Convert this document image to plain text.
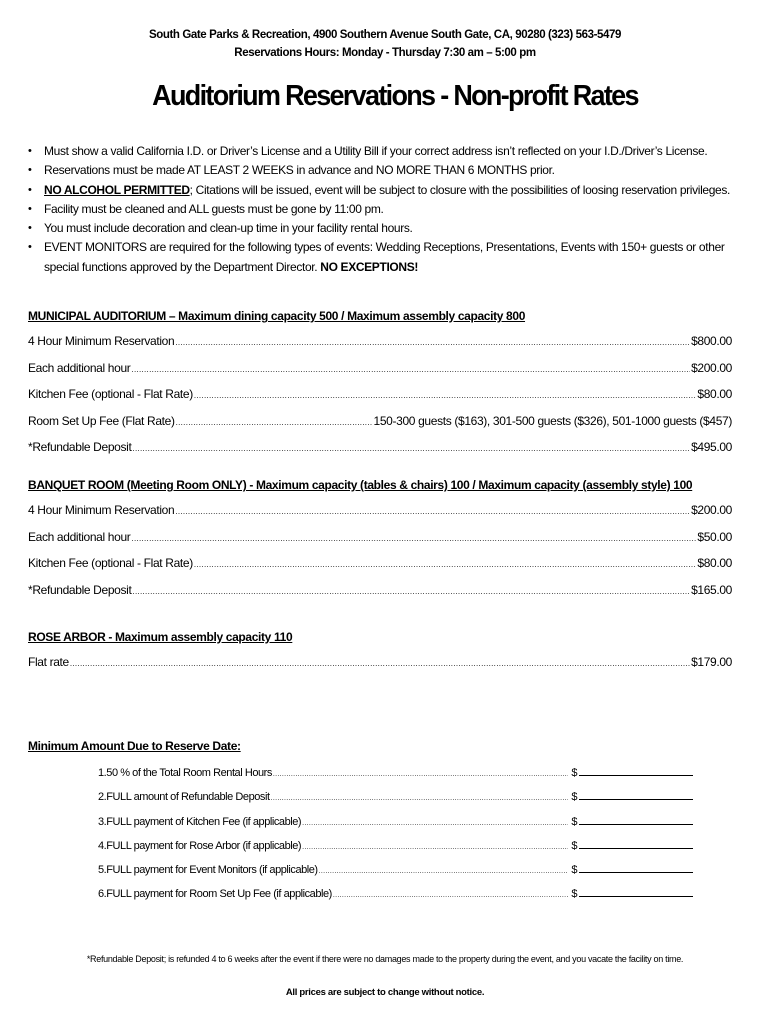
South Gate Parks & Recreation, 4900 Southern Avenue South Gate, CA, 90280 (323) 563-5479
Reservations Hours: Monday - Thursday 7:30 am – 5:00 pm
Auditorium Reservations - Non-profit Rates
• Must show a valid California I.D. or Driver’s License and a Utility Bill if your correct address isn’t reflected on your I.D./Driver’s License.
• Reservations must be made AT LEAST 2 WEEKS in advance and NO MORE THAN 6 MONTHS prior.
• NO ALCOHOL PERMITTED; Citations will be issued, event will be subject to closure with the possibilities of loosing reservation privileges.
• Facility must be cleaned and ALL guests must be gone by 11:00 pm.
• You must include decoration and clean-up time in your facility rental hours.
• EVENT MONITORS are required for the following types of events: Wedding Receptions, Presentations, Events with 150+ guests or other special functions approved by the Department Director. NO EXCEPTIONS!
MUNICIPAL AUDITORIUM – Maximum dining capacity 500 / Maximum assembly capacity 800
4 Hour Minimum Reservation .....	$800.00
Each additional hour .....	$200.00
Kitchen Fee (optional - Flat Rate) .....	$80.00
Room Set Up Fee (Flat Rate) .....	150-300 guests ($163), 301-500 guests ($326), 501-1000 guests ($457)
*Refundable Deposit .....	$495.00
BANQUET ROOM (Meeting Room ONLY) - Maximum capacity (tables & chairs) 100 / Maximum capacity (assembly style) 100
4 Hour Minimum Reservation .....	$200.00
Each additional hour .....	$50.00
Kitchen Fee (optional - Flat Rate) .....	$80.00
*Refundable Deposit .....	$165.00
ROSE ARBOR - Maximum assembly capacity 110
Flat rate .....	$179.00
Minimum Amount Due to Reserve Date:
1.50 % of the Total Room Rental Hours .....	$
2.FULL amount of Refundable Deposit .....	$
3.FULL payment of Kitchen Fee (if applicable) .....	$
4.FULL payment for Rose Arbor (if applicable) .....	$
5.FULL payment for Event Monitors (if applicable) .....	$
6.FULL payment for Room Set Up Fee (if applicable) .....	$
*Refundable Deposit; is refunded 4 to 6 weeks after the event if there were no damages made to the property during the event, and you vacate the facility on time.
All prices are subject to change without notice.
